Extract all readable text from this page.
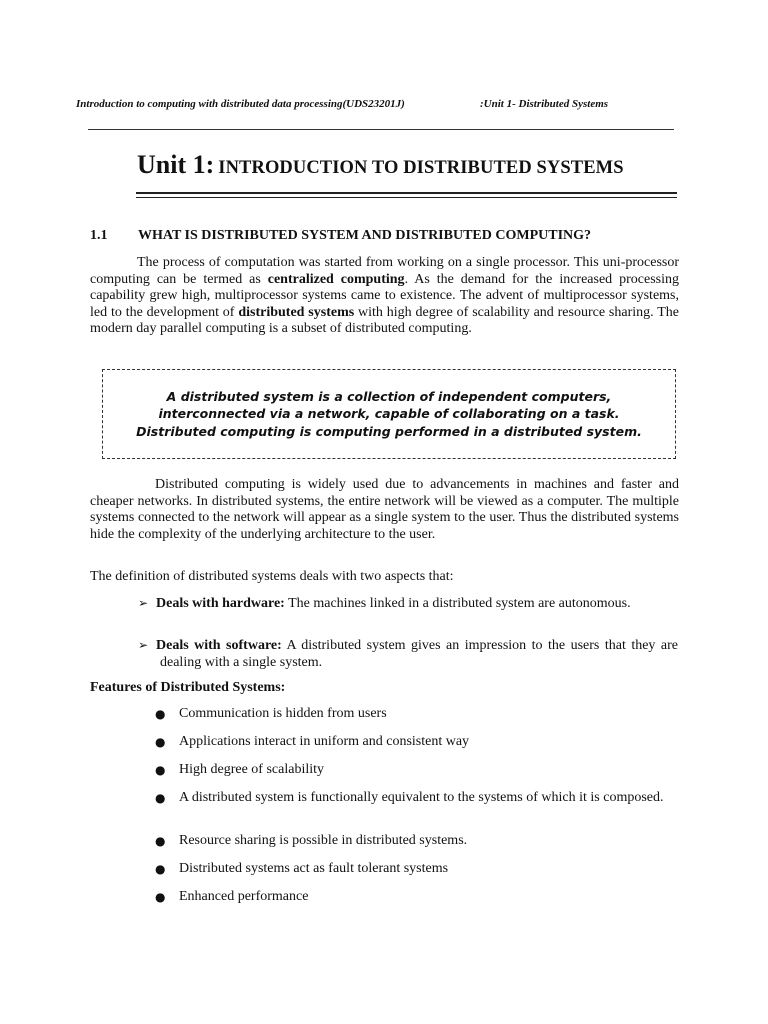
Introduction to computing with distributed data processing(UDS23201J)	:Unit 1- Distributed Systems
Unit 1: INTRODUCTION TO DISTRIBUTED SYSTEMS
1.1 WHAT IS DISTRIBUTED SYSTEM AND DISTRIBUTED COMPUTING?
The process of computation was started from working on a single processor. This uni-processor computing can be termed as centralized computing. As the demand for the increased processing capability grew high, multiprocessor systems came to existence. The advent of multiprocessor systems, led to the development of distributed systems with high degree of scalability and resource sharing. The modern day parallel computing is a subset of distributed computing.
A distributed system is a collection of independent computers, interconnected via a network, capable of collaborating on a task. Distributed computing is computing performed in a distributed system.
Distributed computing is widely used due to advancements in machines and faster and cheaper networks. In distributed systems, the entire network will be viewed as a computer. The multiple systems connected to the network will appear as a single system to the user. Thus the distributed systems hide the complexity of the underlying architecture to the user.
The definition of distributed systems deals with two aspects that:
➢ Deals with hardware: The machines linked in a distributed system are autonomous.
➢ Deals with software: A distributed system gives an impression to the users that they are dealing with a single system.
Features of Distributed Systems:
● Communication is hidden from users
● Applications interact in uniform and consistent way
● High degree of scalability
● A distributed system is functionally equivalent to the systems of which it is composed.
● Resource sharing is possible in distributed systems.
● Distributed systems act as fault tolerant systems
● Enhanced performance
